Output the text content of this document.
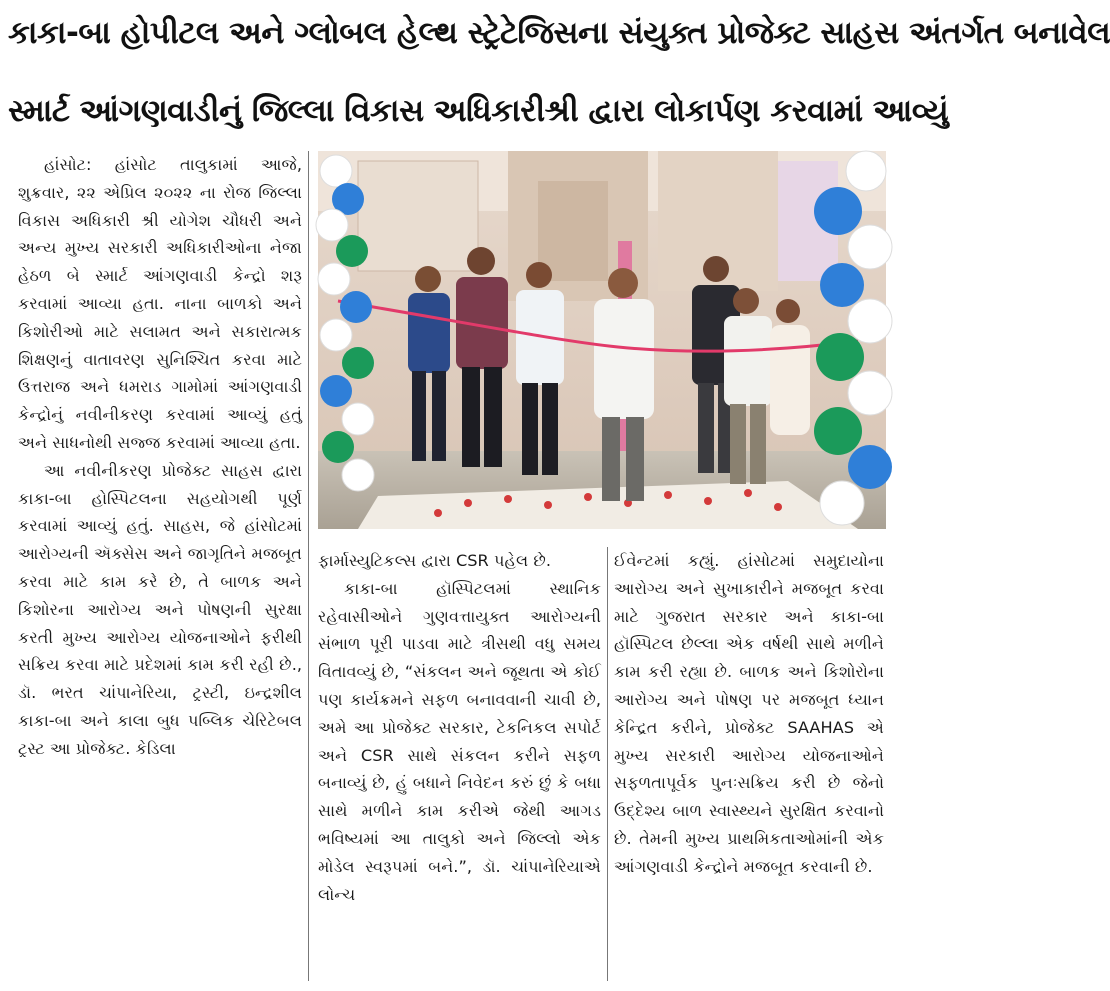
કાકા-બા હોપીટલ અને ગ્લોબલ હેલ્થ સ્ટ્રેટેજિસના સંયુક્ત પ્રોજેક્ટ સાહસ અંતર્ગત બનાવેલ
સ્માર્ટ આંગણવાડીનું જિલ્લા વિકાસ અધિકારીશ્રી દ્વારા લોકાર્પણ કરવામાં આવ્યું

હાંસોટ: હાંસોટ તાલુકામાં આજે, શુક્રવાર, ૨૨ એપ્રિલ ૨૦૨૨ ના રોજ જિલ્લા વિકાસ અધિકારી શ્રી યોગેશ ચૌધરી અને અન્ય મુખ્ય સરકારી અધિકારીઓના નેજા હેઠળ બે સ્માર્ટ આંગણવાડી કેન્દ્રો શરૂ કરવામાં આવ્યા હતા. નાના બાળકો અને કિશોરીઓ માટે સલામત અને સકારાત્મક શિક્ષણનું વાતાવરણ સુનિશ્ચિત કરવા માટે ઉત્તરાજ અને ધમરાડ ગામોમાં આંગણવાડી કેન્દ્રોનું નવીનીકરણ કરવામાં આવ્યું હતું અને સાધનોથી સજ્જ કરવામાં આવ્યા હતા.

આ નવીનીકરણ પ્રોજેક્ટ સાહસ દ્વારા કાકા-બા હોસ્પિટલના સહયોગથી પૂર્ણ કરવામાં આવ્યું હતું. સાહસ, જે હાંસોટમાં આરોગ્યની ઍક્સેસ અને જાગૃતિને મજબૂત કરવા માટે કામ કરે છે, તે બાળક અને કિશોરના આરોગ્ય અને પોષણની સુરક્ષા કરતી મુખ્ય આરોગ્ય યોજનાઓને ફરીથી સક્રિય કરવા માટે પ્રદેશમાં કામ કરી રહી છે., ડૉ. ભરત ચાંપાનેરિયા, ટ્રસ્ટી, ઇન્દ્રશીલ કાકા-બા અને કાલા બુધ પબ્લિક ચેરિટેબલ ટ્રસ્ટ આ પ્રોજેક્ટ. કેડિલા

ફાર્માસ્યુટિકલ્સ દ્વારા CSR પહેલ છે.

કાકા-બા હૉસ્પિટલમાં સ્થાનિક રહેવાસીઓને ગુણવત્તાયુક્ત આરોગ્યની સંભાળ પૂરી પાડવા માટે ત્રીસથી વધુ સમય વિતાવવ્યું છે, “સંકલન અને જૂથતા એ કોઈ પણ કાર્યક્રમને સફળ બનાવવાની ચાવી છે, અમે આ પ્રોજેક્ટ સરકાર, ટેકનિકલ સપોર્ટ અને CSR સાથે સંકલન કરીને સફળ બનાવ્યું છે, હું બધાને નિવેદન કરું છું કે બધા સાથે મળીને કામ કરીએ જેથી આગડ ભવિષ્યમાં આ તાલુકો અને જિલ્લો એક મોડેલ સ્વરૂપમાં બને.”, ડૉ. ચાંપાનેરિયાએ લોન્ચ

ઈવેન્ટમાં કહ્યું. હાંસોટમાં સમુદાયોના આરોગ્ય અને સુખાકારીને મજબૂત કરવા માટે ગુજરાત સરકાર અને કાકા-બા હૉસ્પિટલ છેલ્લા એક વર્ષથી સાથે મળીને કામ કરી રહ્યા છે. બાળક અને કિશોરોના આરોગ્ય અને પોષણ પર મજબૂત ધ્યાન કેન્દ્રિત કરીને, પ્રોજેક્ટ SAAHAS એ મુખ્ય સરકારી આરોગ્ય યોજનાઓને સફળતાપૂર્વક પુનઃસક્રિય કરી છે જેનો ઉદ્દેશ્ય બાળ સ્વાસ્થ્યને સુરક્ષિત કરવાનો છે. તેમની મુખ્ય પ્રાથમિકતાઓમાંની એક આંગણવાડી કેન્દ્રોને મજબૂત કરવાની છે.
